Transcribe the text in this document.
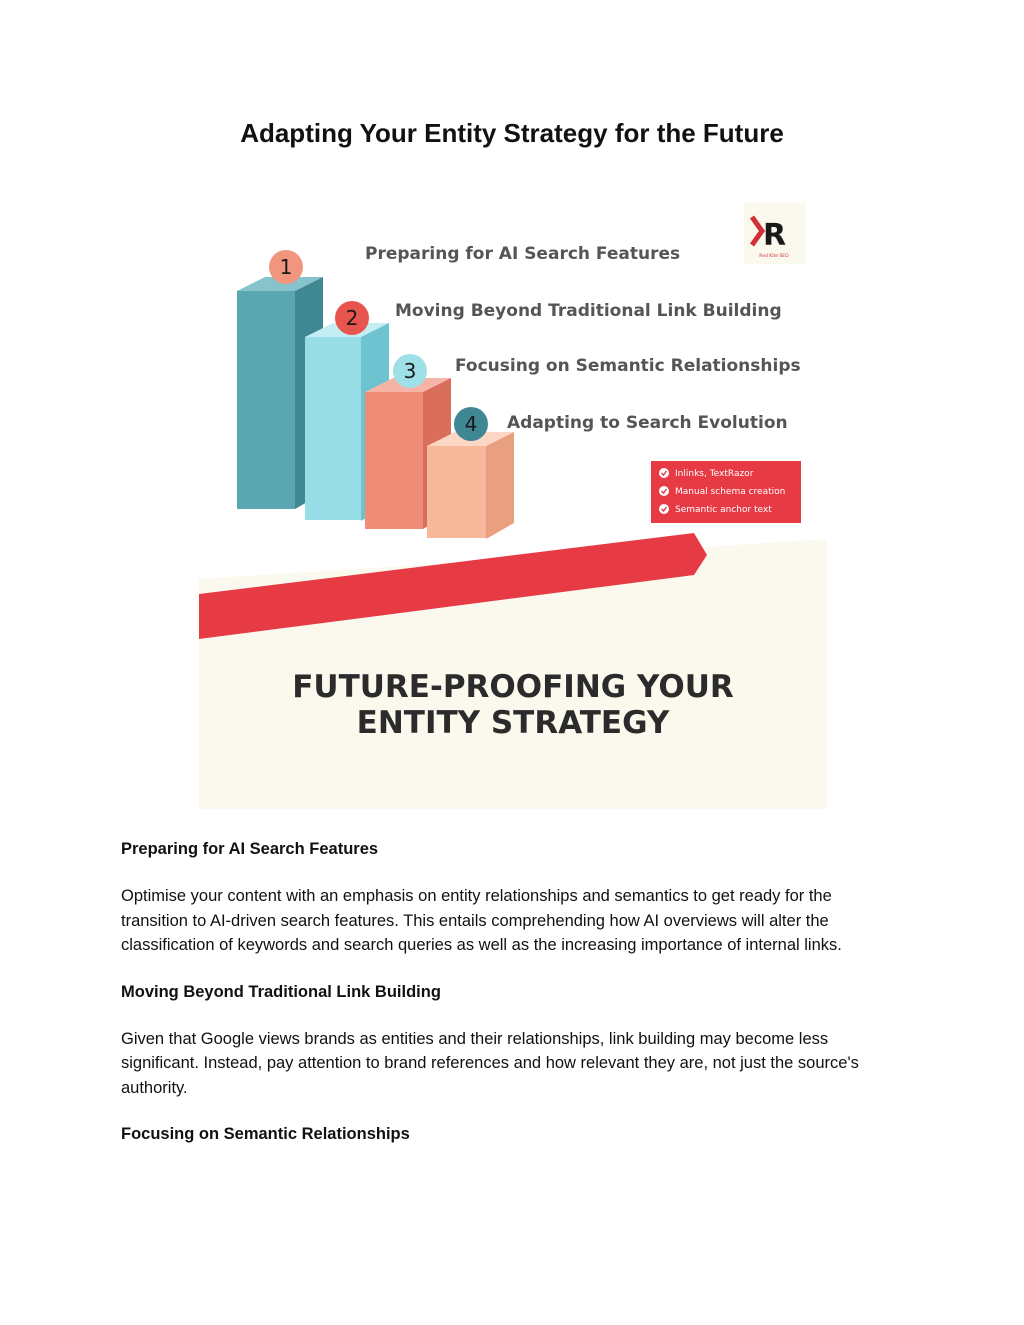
Adapting Your Entity Strategy for the Future
1
2
3
4
Preparing for AI Search Features
Moving Beyond Traditional Link Building
Focusing on Semantic Relationships
Adapting to Search Evolution
R
Red Kite SEO
Inlinks, TextRazor
Manual schema creation
Semantic anchor text
FUTURE-PROOFING YOUR
ENTITY STRATEGY
Preparing for AI Search Features

Optimise your content with an emphasis on entity relationships and semantics to get ready for the transition to AI-driven search features. This entails comprehending how AI overviews will alter the classification of keywords and search queries as well as the increasing importance of internal links.

Moving Beyond Traditional Link Building

Given that Google views brands as entities and their relationships, link building may become less significant. Instead, pay attention to brand references and how relevant they are, not just the source's authority.

Focusing on Semantic Relationships
